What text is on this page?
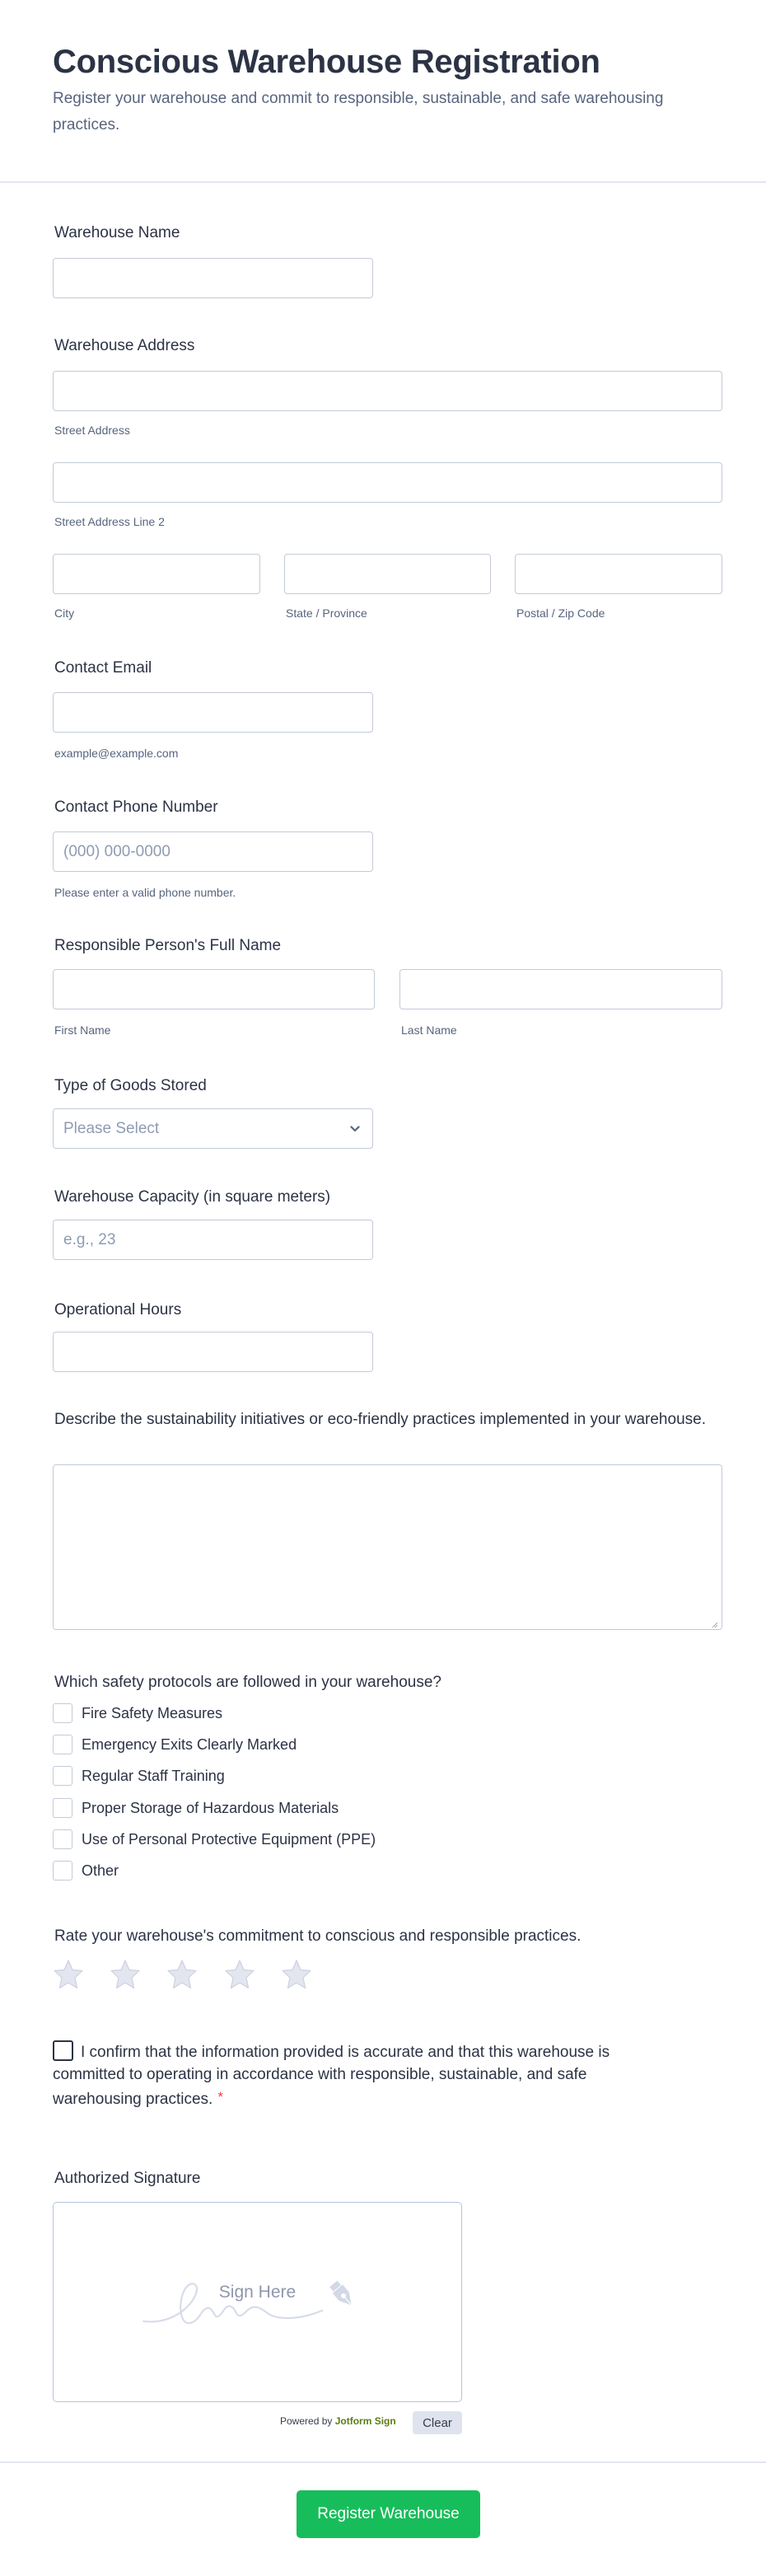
Conscious Warehouse Registration

Register your warehouse and commit to responsible, sustainable, and safe warehousing practices.

Warehouse Name
Warehouse Address
Street Address
Street Address Line 2
City	State / Province	Postal / Zip Code
Contact Email
example@example.com
Contact Phone Number
(000) 000-0000
Please enter a valid phone number.
Responsible Person's Full Name
First Name	Last Name
Type of Goods Stored
Please Select
Warehouse Capacity (in square meters)
e.g., 23
Operational Hours
Describe the sustainability initiatives or eco-friendly practices implemented in your warehouse.
Which safety protocols are followed in your warehouse?
Fire Safety Measures
Emergency Exits Clearly Marked
Regular Staff Training
Proper Storage of Hazardous Materials
Use of Personal Protective Equipment (PPE)
Other
Rate your warehouse's commitment to conscious and responsible practices.
I confirm that the information provided is accurate and that this warehouse is committed to operating in accordance with responsible, sustainable, and safe warehousing practices. *
Authorized Signature
Sign Here
Powered by Jotform Sign	Clear
Register Warehouse
